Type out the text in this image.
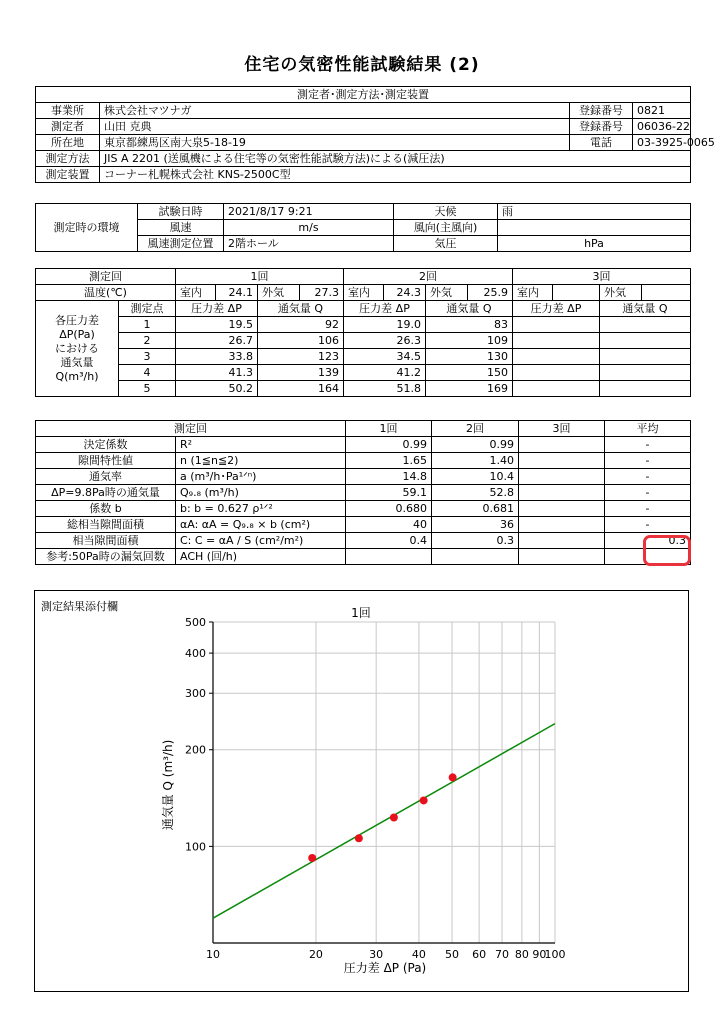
住宅の気密性能試験結果 (2)
測定者･測定方法･測定装置			
事業所	株式会社マツナガ	登録番号	0821
測定者	山田 克典	登録番号	06036-22
所在地	東京都練馬区南大泉5-18-19	電話	03-3925-0065
測定方法	JIS A 2201 (送風機による住宅等の気密性能試験方法)による(減圧法)		
測定装置	コーナー札幌株式会社 KNS-2500C型		
測定時の環境	試験日時	2021/8/17 9:21	天候	雨
	風速	m/s	風向(主風向)	
	風速測定位置	2階ホール	気圧	hPa
測定回		1回				2回				3回			
温度(℃)		室内	24.1	外気	27.3	室内	24.3	外気	25.9	室内		外気	

各圧力差
ΔP(Pa)
における
通気量
Q(m³/h)	測定点	圧力差 ΔP		通気量 Q		圧力差 ΔP		通気量 Q		圧力差 ΔP		通気量 Q	
	1	19.5		92		19.0		83					
	2	26.7		106		26.3		109					
	3	33.8		123		34.5		130					
	4	41.3		139		41.2		150					
	5	50.2		164		51.8		169					
測定回		1回	2回	3回	平均
決定係数	R²	0.99	0.99		-
隙間特性値	n (1≦n≦2)	1.65	1.40		-
通気率	a (m³/h･Pa¹ᐟⁿ)	14.8	10.4		-
ΔP=9.8Pa時の通気量	Q₉.₈ (m³/h)	59.1	52.8		-
係数 b	b: b = 0.627 ρ¹ᐟ²	0.680	0.681		-
総相当隙間面積	αA: αA = Q₉.₈ × b (cm²)	40	36		-
相当隙間面積	C: C = αA / S (cm²/m²)	0.4	0.3		0.3
参考:50Pa時の漏気回数	ACH (回/h)				
測定結果添付欄	1回
10	20	30	40 50 60 70 80 90
100
100
200
300
400
500
圧力差 ΔP (Pa)
通気量 Q (m³/h)
